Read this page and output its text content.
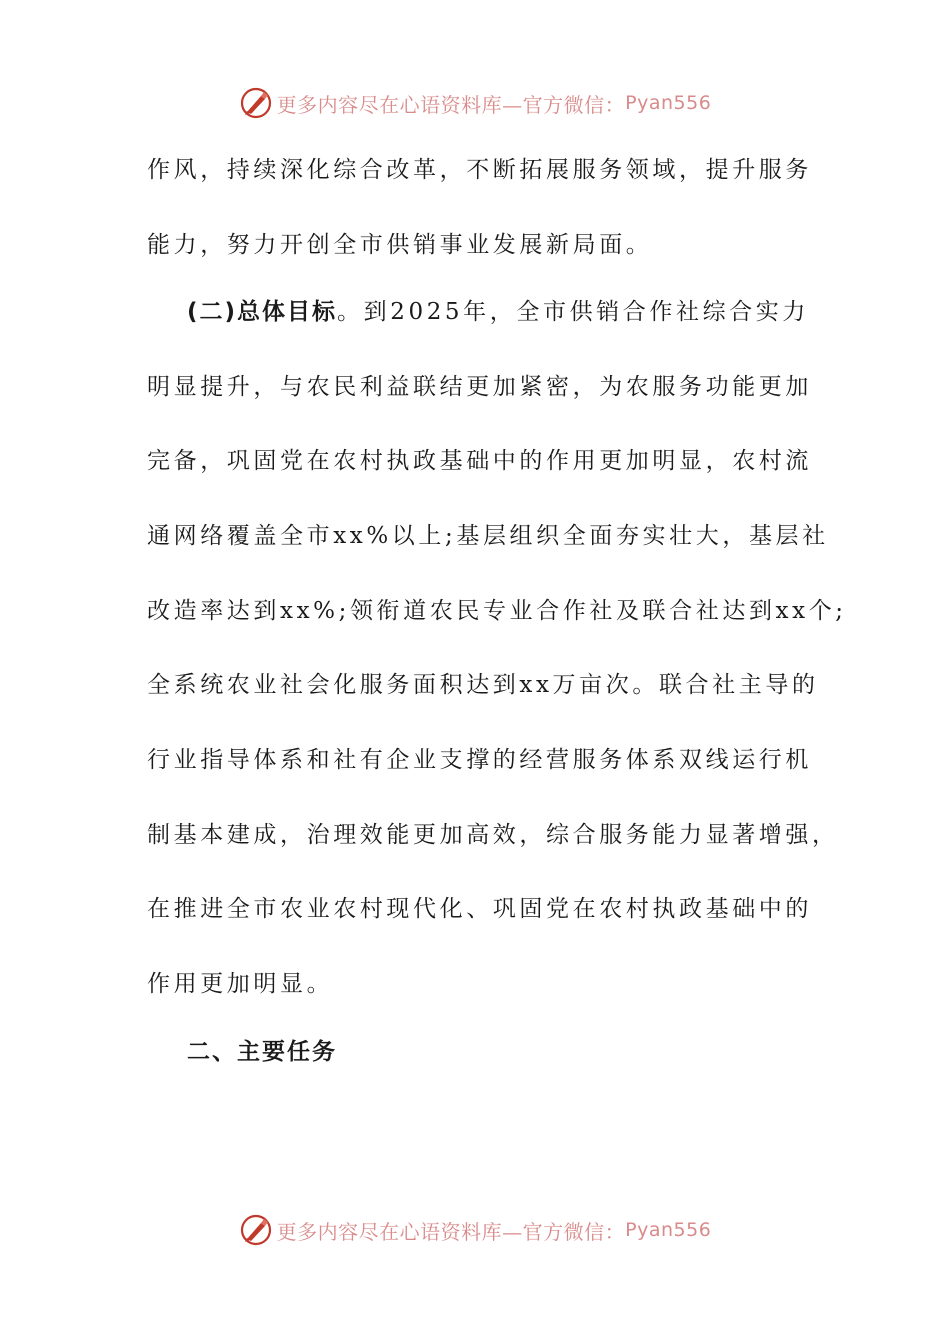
更多内容尽在心语资料库—官方微信： Pyan556
作风，持续深化综合改革，不断拓展服务领域，提升服务
能力，努力开创全市供销事业发展新局面。
(二)总体目标。到2025年，全市供销合作社综合实力
明显提升，与农民利益联结更加紧密，为农服务功能更加
完备，巩固党在农村执政基础中的作用更加明显，农村流
通网络覆盖全市xx%以上;基层组织全面夯实壮大，基层社
改造率达到xx%;领衔道农民专业合作社及联合社达到xx个;
全系统农业社会化服务面积达到xx万亩次。联合社主导的
行业指导体系和社有企业支撑的经营服务体系双线运行机
制基本建成，治理效能更加高效，综合服务能力显著增强，
在推进全市农业农村现代化、巩固党在农村执政基础中的
作用更加明显。
二、主要任务
更多内容尽在心语资料库—官方微信： Pyan556
